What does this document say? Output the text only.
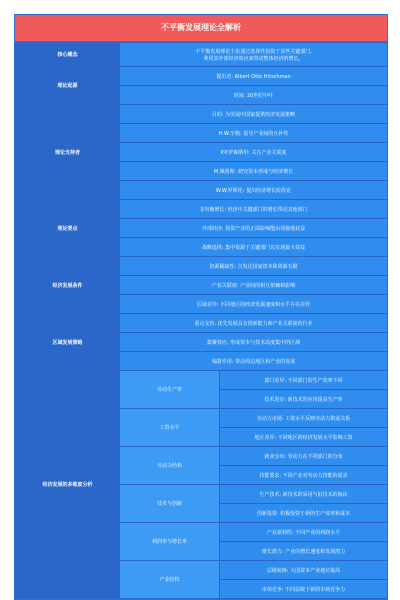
不平衡发展理论全解析
核心概念	不平衡发展理论主张通过选择性投资于某些关键部门,
利用其外部经济效应来带动整体经济的增长。	

理论起源	提出者: Albert Otto Hirschman	
	时间: 20世纪中叶	
理论支持者	目的: 为发展中国家提供经济发展策略	
	H.W.辛格: 倡导产业间的互补性	
	P.P.罗森斯坦: 关注产业关联度	
	M.佩鲁斯: 研究资本形成与经济增长	
	W.W.罗斯托: 提出经济增长阶段论	
理论要点	非均衡增长: 经济中关键部门的增长带动其他部门	
	外部经济: 投资产业的正面影响能由邻接地获益	
	战略选择: 集中资源于关键部门以实现最大效益	
经济发展条件	资源稀缺性: 欠发达国家资本和资源有限	
	产业关联度: 产业间的相互依赖和影响	
	区域差异: 不同地区的经济发展速度和水平存在差异	
区域发展策略	重点支持: 优先发展具有创新能力和产业关联度的行业	
	集聚效应: 形成资本与技术高度集中的区域	
	辐射作用: 带动周边地区和产业的发展	
经济发展的多维度分析	劳动生产率	部门差异: 不同部门的生产效率不同
		技术进步: 新技术的应用提高生产率
	工资水平	劳动力市场: 工资水平反映劳动力供需关系
		地区差异: 不同地区的经济发展水平影响工资
	劳动力结构	就业分布: 劳动力在不同部门的分布
		技能要求: 不同产业对劳动力技能的需求
	技术与创新	生产技术: 新技术的采用与旧技术的淘汰
		创新投资: 积极投资于新的生产效率和成本
	利润率与增长率	产业盈利性: 不同产业的利润水平
		增长潜力: 产业的增长速度和发展潜力
	产业结构	层级转换: 大国资本产业地位提高
		市场竞争: 不同层级下新的市场竞争力
